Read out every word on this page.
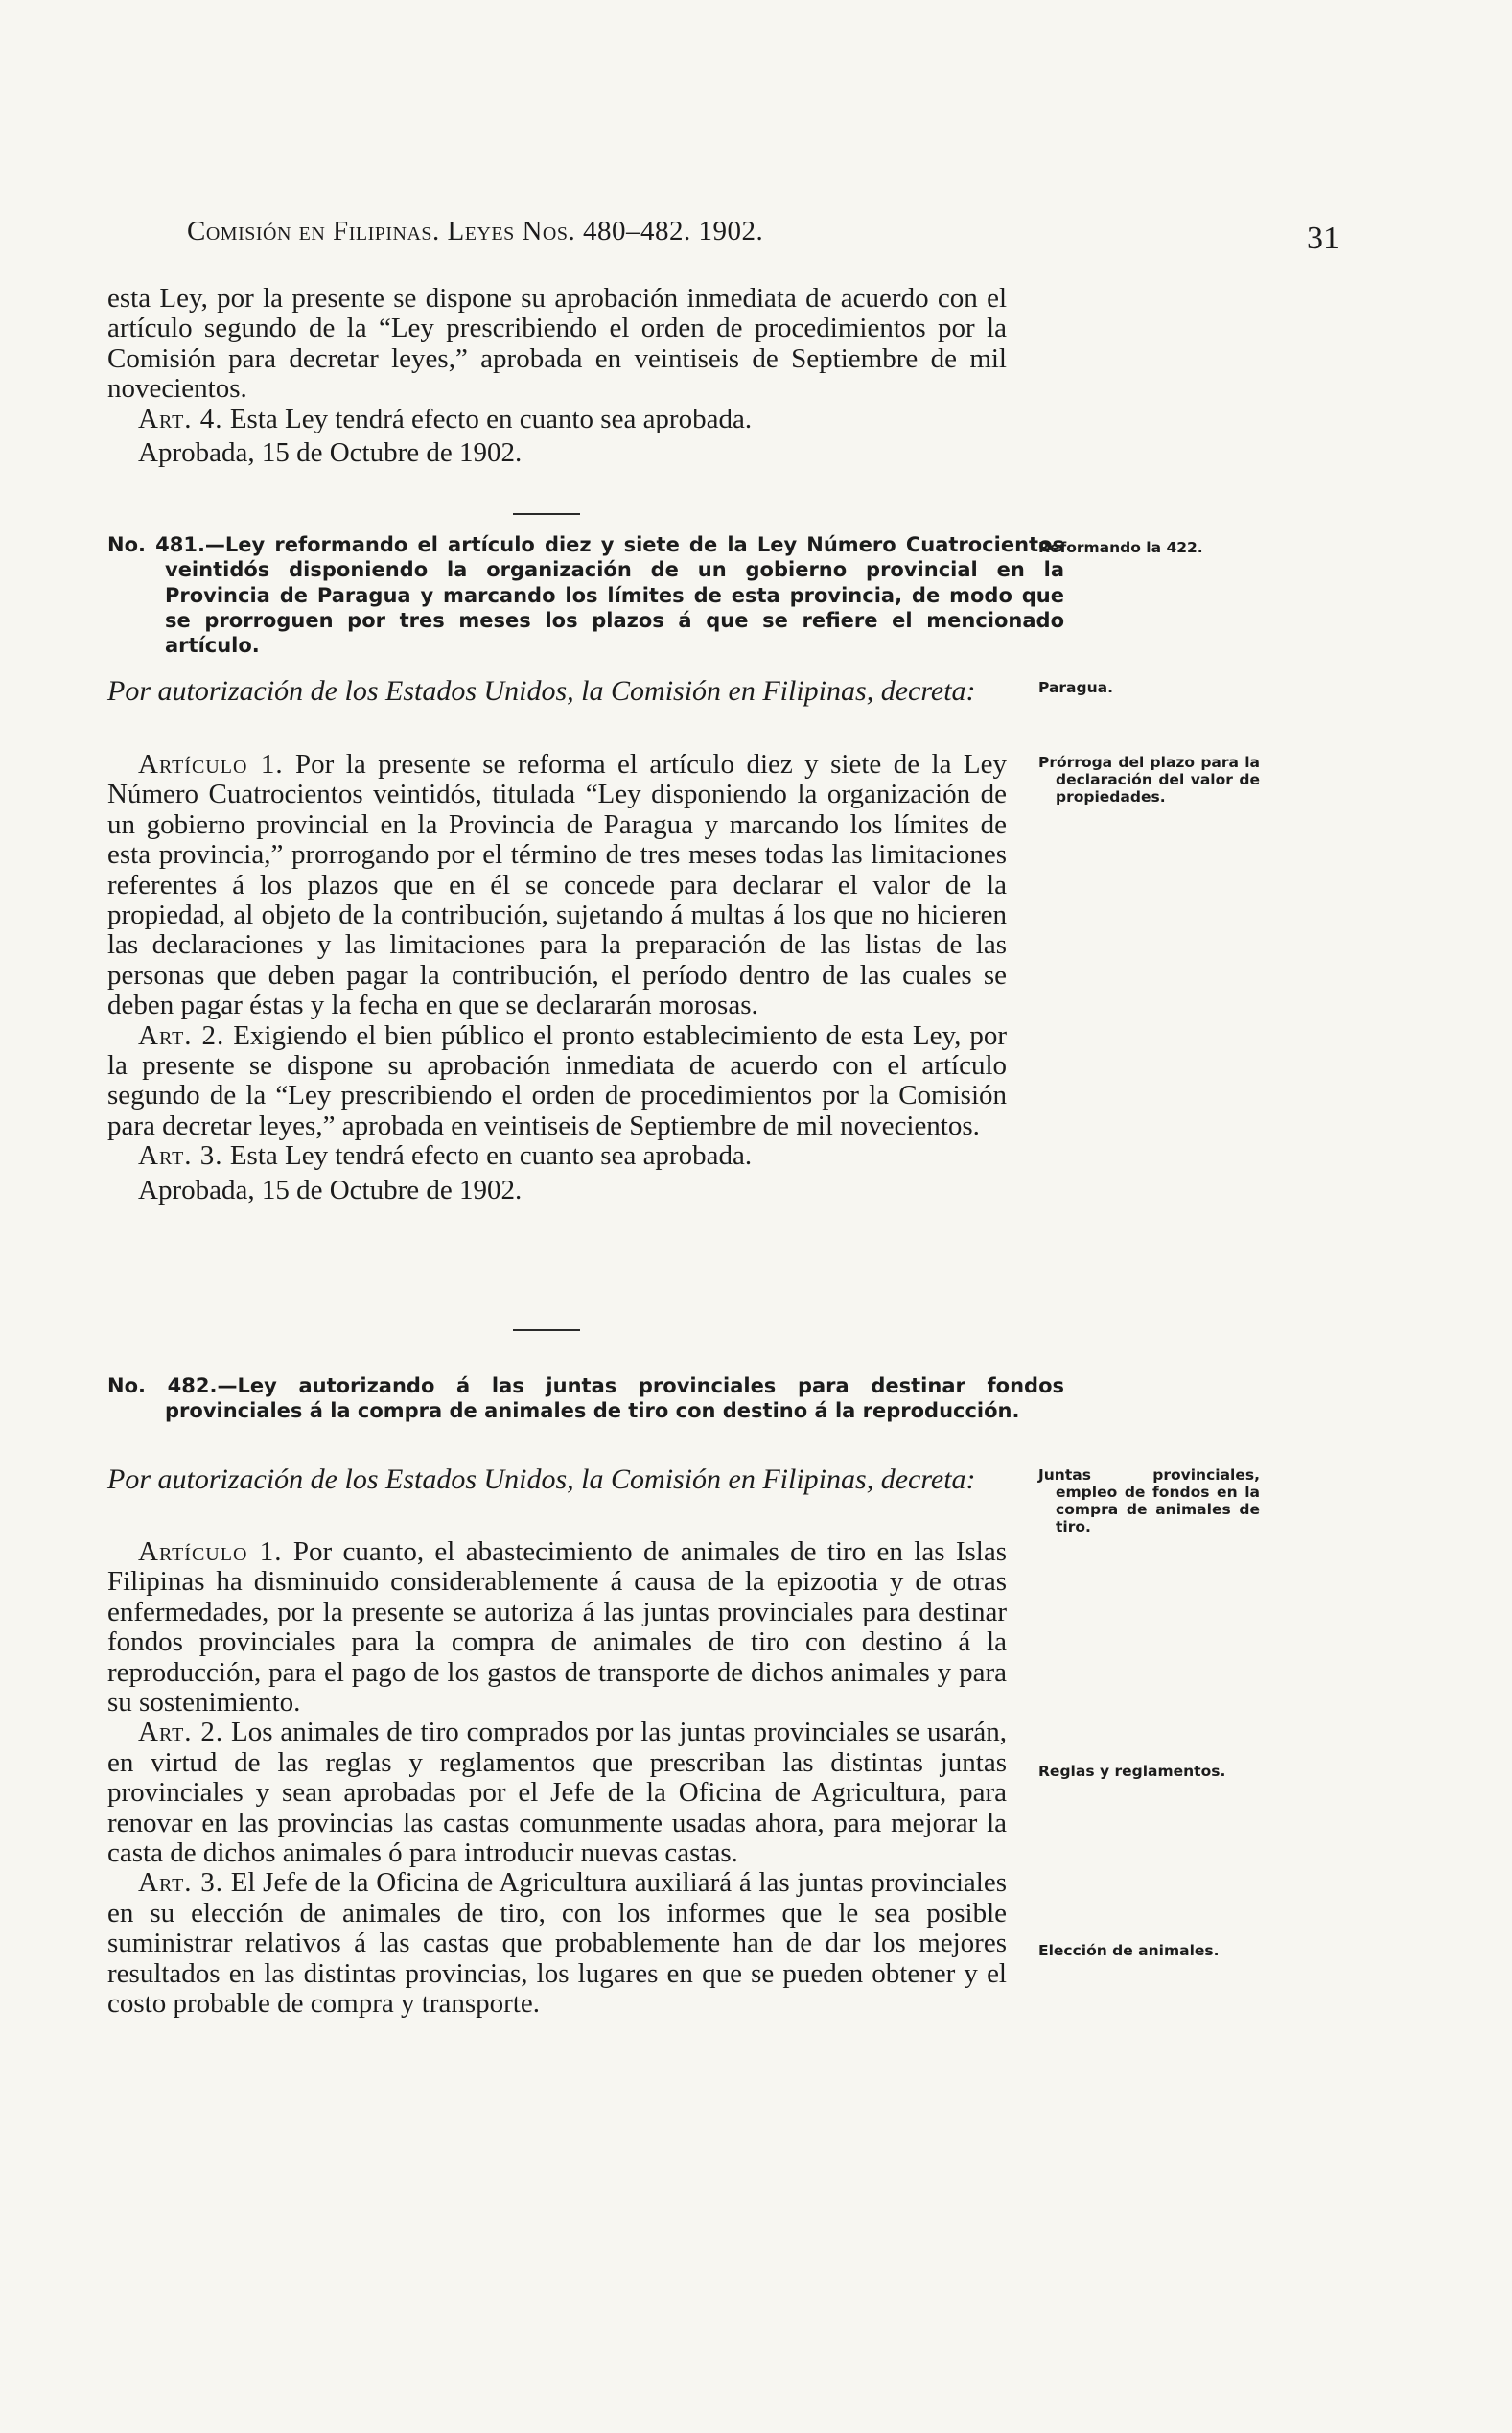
Comisión en Filipinas. Leyes Nos. 480–482. 1902.	31

esta Ley, por la presente se dispone su aprobación inmediata de acuerdo con el artículo segundo de la “Ley prescribiendo el orden de procedimientos por la Comisión para decretar leyes,” aprobada en veintiseis de Septiembre de mil novecientos.

Art. 4. Esta Ley tendrá efecto en cuanto sea aprobada.

Aprobada, 15 de Octubre de 1902.

No. 481.—Ley reformando el artículo diez y siete de la Ley Número Cuatrocientos veintidós disponiendo la organización de un gobierno provincial en la Provincia de Paragua y marcando los límites de esta provincia, de modo que se prorroguen por tres meses los plazos á que se refiere el mencionado artículo.
Por autorización de los Estados Unidos, la Comisión en Filipinas, decreta:

Artículo 1. Por la presente se reforma el artículo diez y siete de la Ley Número Cuatrocientos veintidós, titulada “Ley disponiendo la organización de un gobierno provincial en la Provincia de Paragua y marcando los límites de esta provincia,” prorrogando por el término de tres meses todas las limitaciones referentes á los plazos que en él se concede para declarar el valor de la propiedad, al objeto de la contribución, sujetando á multas á los que no hicieren las declaraciones y las limitaciones para la preparación de las listas de las personas que deben pagar la contribución, el período dentro de las cuales se deben pagar éstas y la fecha en que se declararán morosas.

Art. 2. Exigiendo el bien público el pronto establecimiento de esta Ley, por la presente se dispone su aprobación inmediata de acuerdo con el artículo segundo de la “Ley prescribiendo el orden de procedimientos por la Comisión para decretar leyes,” aprobada en veintiseis de Septiembre de mil novecientos.

Art. 3. Esta Ley tendrá efecto en cuanto sea aprobada.

Aprobada, 15 de Octubre de 1902.

Reformando la 422.
Paragua.
Prórroga del plazo para la declaración del valor de propiedades.
No. 482.—Ley autorizando á las juntas provinciales para destinar fondos provinciales á la compra de animales de tiro con destino á la reproducción.
Por autorización de los Estados Unidos, la Comisión en Filipinas, decreta:

Artículo 1. Por cuanto, el abastecimiento de animales de tiro en las Islas Filipinas ha disminuido considerablemente á causa de la epizootia y de otras enfermedades, por la presente se autoriza á las juntas provinciales para destinar fondos provinciales para la compra de animales de tiro con destino á la reproducción, para el pago de los gastos de transporte de dichos animales y para su sostenimiento.

Art. 2. Los animales de tiro comprados por las juntas provinciales se usarán, en virtud de las reglas y reglamentos que prescriban las distintas juntas provinciales y sean aprobadas por el Jefe de la Oficina de Agricultura, para renovar en las provincias las castas comunmente usadas ahora, para mejorar la casta de dichos animales ó para introducir nuevas castas.

Art. 3. El Jefe de la Oficina de Agricultura auxiliará á las juntas provinciales en su elección de animales de tiro, con los informes que le sea posible suministrar relativos á las castas que probablemente han de dar los mejores resultados en las distintas provincias, los lugares en que se pueden obtener y el costo probable de compra y transporte.

Juntas provinciales, empleo de fondos en la compra de animales de tiro.
Reglas y reglamentos.
Elección de animales.
